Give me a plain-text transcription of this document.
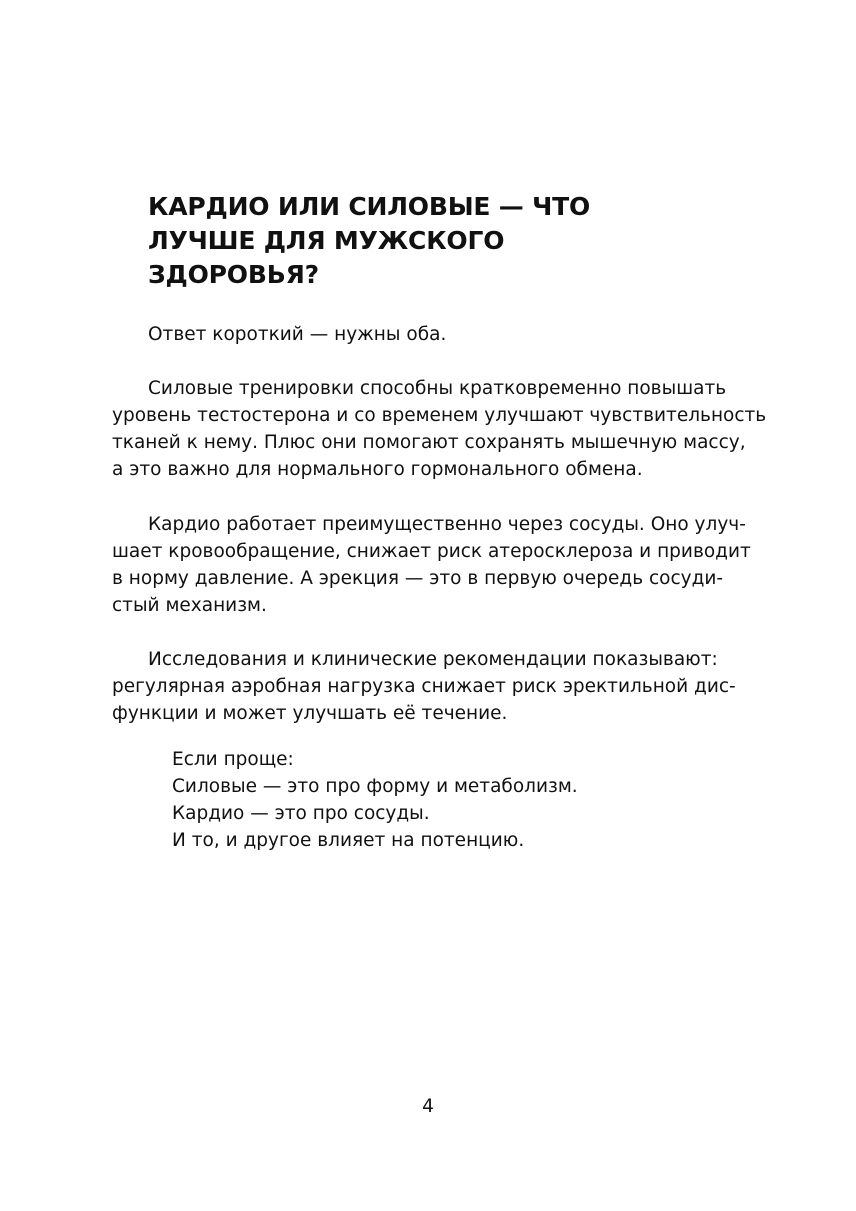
КАРДИО ИЛИ СИЛОВЫЕ — ЧТО
ЛУЧШЕ ДЛЯ МУЖСКОГО
ЗДОРОВЬЯ?

Ответ короткий — нужны оба.

Силовые тренировки способны кратковременно повышать
уровень тестостерона и со временем улучшают чувствительность
тканей к нему. Плюс они помогают сохранять мышечную массу,
а это важно для нормального гормонального обмена.

Кардио работает преимущественно через сосуды. Оно улуч-
шает кровообращение, снижает риск атеросклероза и приводит
в норму давление. А эрекция — это в первую очередь сосуди-
стый механизм.

Исследования и клинические рекомендации показывают:
регулярная аэробная нагрузка снижает риск эректильной дис-
функции и может улучшать её течение.

Если проще:
Силовые — это про форму и метаболизм.
Кардио — это про сосуды.
И то, и другое влияет на потенцию.

4
